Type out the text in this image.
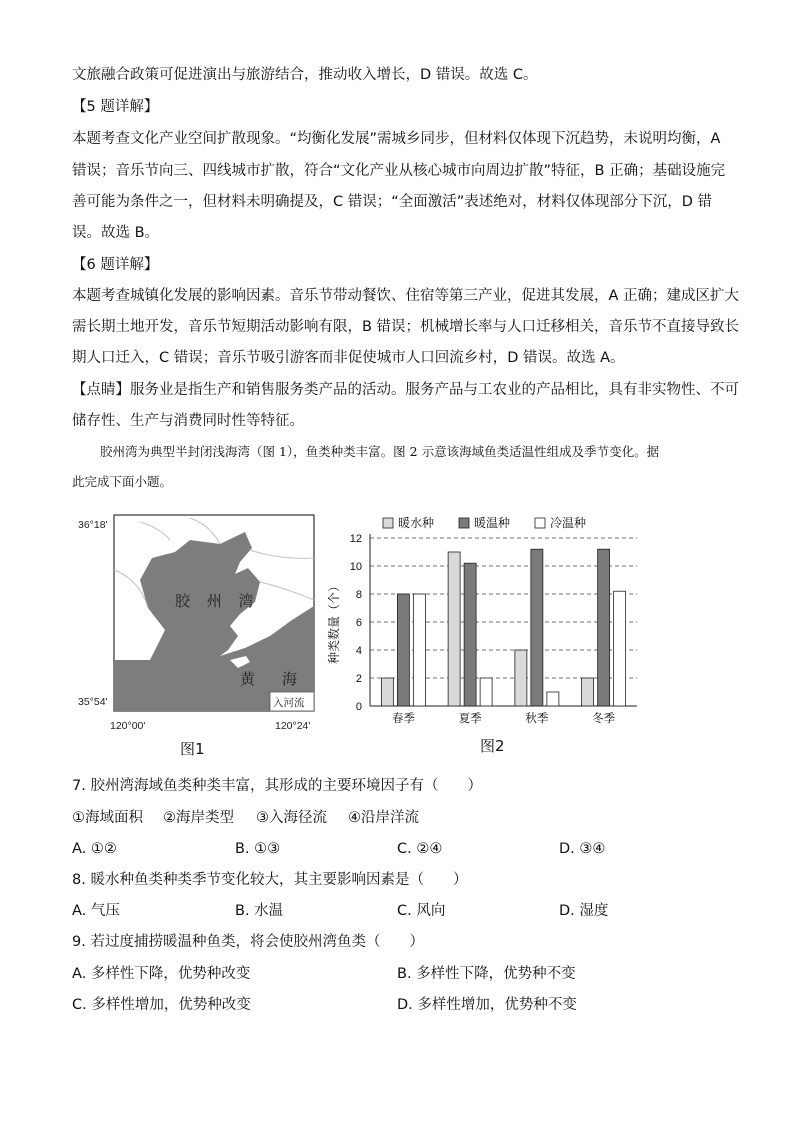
文旅融合政策可促进演出与旅游结合，推动收入增长，D 错误。故选 C。
【5 题详解】
本题考查文化产业空间扩散现象。“均衡化发展”需城乡同步，但材料仅体现下沉趋势，未说明均衡，A
错误；音乐节向三、四线城市扩散，符合“文化产业从核心城市向周边扩散”特征，B 正确；基础设施完
善可能为条件之一，但材料未明确提及，C 错误；“全面激活”表述绝对，材料仅体现部分下沉，D 错
误。故选 B。
【6 题详解】
本题考查城镇化发展的影响因素。音乐节带动餐饮、住宿等第三产业，促进其发展，A 正确；建成区扩大
需长期土地开发，音乐节短期活动影响有限，B 错误；机械增长率与人口迁移相关，音乐节不直接导致长
期人口迁入，C 错误；音乐节吸引游客而非促使城市人口回流乡村，D 错误。故选 A。
【点睛】服务业是指生产和销售服务类产品的活动。服务产品与工农业的产品相比，具有非实物性、不可
储存性、生产与消费同时性等特征。
胶州湾为典型半封闭浅海湾（图 1），鱼类种类丰富。图 2 示意该海域鱼类适温性组成及季节变化。据
此完成下面小题。
36°18'
35°54'
120°00'	120°24'
胶 州 湾
黄　海
入河流
图1
暖水种	暖温种	冷温种
0
2
4
6
8
10
12
种类数量（个）
春季	夏季	秋季	冬季
图2
7. 胶州湾海域鱼类种类丰富，其形成的主要环境因子有（　　）
①海域面积 ②海岸类型 ③入海径流 ④沿岸洋流
A. ①②	B. ①③	C. ②④	D. ③④
8. 暖水种鱼类种类季节变化较大，其主要影响因素是（　　）
A. 气压	B. 水温	C. 风向	D. 湿度
9. 若过度捕捞暖温种鱼类，将会使胶州湾鱼类（　　）
A. 多样性下降，优势种改变	B. 多样性下降，优势种不变
C. 多样性增加，优势种改变	D. 多样性增加，优势种不变
